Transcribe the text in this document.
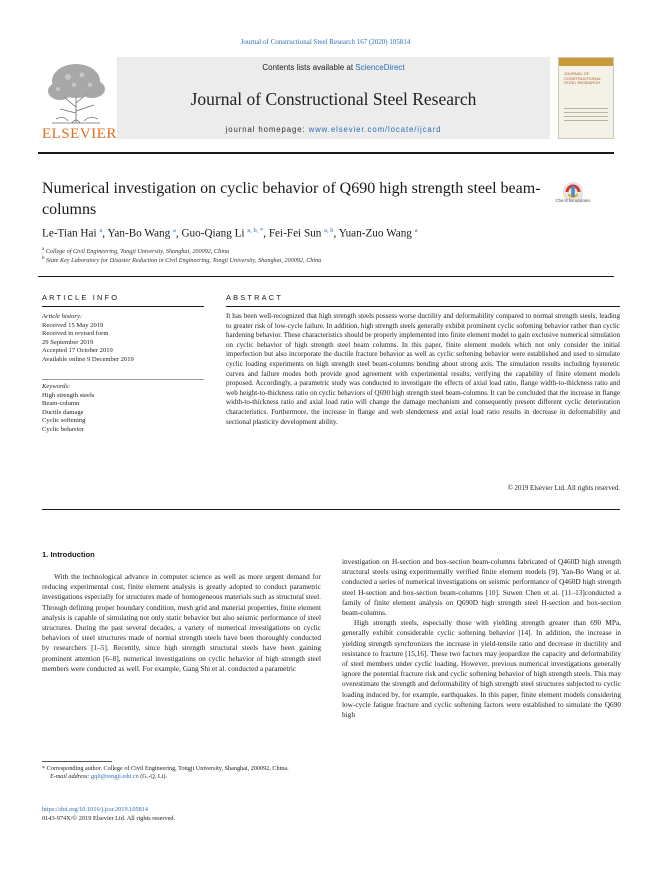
Journal of Constructional Steel Research 167 (2020) 105814
ELSEVIER
Contents lists available at ScienceDirect
Journal of Constructional Steel Research
journal homepage: www.elsevier.com/locate/ijcard
JOURNAL OF CONSTRUCTIONAL STEEL RESEARCH
Numerical investigation on cyclic behavior of Q690 high strength steel beam-columns
Check for updates
Le-Tian Hai $^a$, Yan-Bo Wang $^a$, Guo-Qiang Li $^{a, b, *}$, Fei-Fei Sun $^{a, b}$, Yuan-Zuo Wang $^a$
$^a$ College of Civil Engineering, Tongji University, Shanghai, 200092, China
$^b$ State Key Laboratory for Disaster Reduction in Civil Engineering, Tongji University, Shanghai, 200092, China
ARTICLE INFO	ABSTRACT
Article history:
Received 15 May 2019
Received in revised form
29 September 2019
Accepted 17 October 2019
Available online 9 December 2019
Keywords:
High strength steels
Beam-column
Ductile damage
Cyclic softening
Cyclic behavior
It has been well-recognized that high strength steels possess worse ductility and deformability compared to normal strength steels, leading to greater risk of low-cycle failure. In addition, high strength steels generally exhibit prominent cyclic softening behavior rather than cyclic hardening behavior. These characteristics should be properly implemented into finite element model to gain exclusive numerical simulation on cyclic behavior of high strength steel beam columns. In this paper, finite element models which not only consider the initial imperfection but also incorporate the ductile fracture behavior as well as cyclic softening behavior were established and used to simulate cyclic loading experiments on high strength steel beam-columns bending about strong axis. The simulation results including hysteretic curves and failure modes both provide good agreement with experimental results, verifying the capability of finite element models proposed. Accordingly, a parametric study was conducted to investigate the effects of axial load ratio, flange width-to-thickness ratio and web height-to-thickness ratio on cyclic behaviors of Q690 high strength steel beam-columns. It can be concluded that the increase in flange width-to-thickness ratio and axial load ratio will change the damage mechanism and consequently present different cyclic deterioration characteristics. Furthermore, the increase in flange and web slenderness and axial load ratio results in decrease in deformability and sectional plasticity development ability.
© 2019 Elsevier Ltd. All rights reserved.
1. Introduction

With the technological advance in computer science as well as more urgent demand for reducing experimental cost, finite element analysis is greatly adopted to conduct parametric investigations especially for structures made of homogeneous materials such as structural steel. Through defining proper boundary condition, mesh grid and material properties, finite element analysis is capable of simulating not only static behavior but also seismic performance of steel structures. During the past several decades, a variety of numerical investigations on cyclic behaviors of steel structures made of normal strength steels have been thoroughly conducted by researchers [1–5]. Recently, since high strength structural steels have been gaining prominent attention [6–8], numerical investigations on cyclic behavior of high strength steel members were conducted as well. For example, Gang Shi et al. conducted a parametric

investigation on H-section and box-section beam-columns fabricated of Q460D high strength structural steels using experimentally verified finite element models [9]. Yan-Bo Wang et al. conducted a series of numerical investigations on seismic performance of Q460D high strength steel H-section and box-section beam-columns [10]. Suwen Chen et al. [11–13]conducted a family of finite element analysis on Q690D high strength steel H-section and box-section beam-columns.

High strength steels, especially those with yielding strength greater than 690 MPa, generally exhibit considerable cyclic softening behavior [14]. In addition, the increase in yielding strength synchronizes the increase in yield-tensile ratio and decrease in ductility and resistance to fracture [15,16]. These two factors may jeopardize the capacity and deformability of steel members under cyclic loading. However, previous numerical investigations generally ignore the potential fracture risk and cyclic softening behavior of high strength steels. This may overestimate the strength and deformability of high strength steel structures subjected to cyclic loading induced by, for example, earthquakes. In this paper, finite element models considering low-cycle fatigue fracture and cyclic softening factors were established to simulate the Q690 high

* Corresponding author. College of Civil Engineering, Tongji University, Shanghai, 200092, China.
E-mail address: gqli@tongji.edu.cn (G.-Q. Li).
https://doi.org/10.1016/j.jcsr.2019.105814
0143-974X/© 2019 Elsevier Ltd. All rights reserved.
